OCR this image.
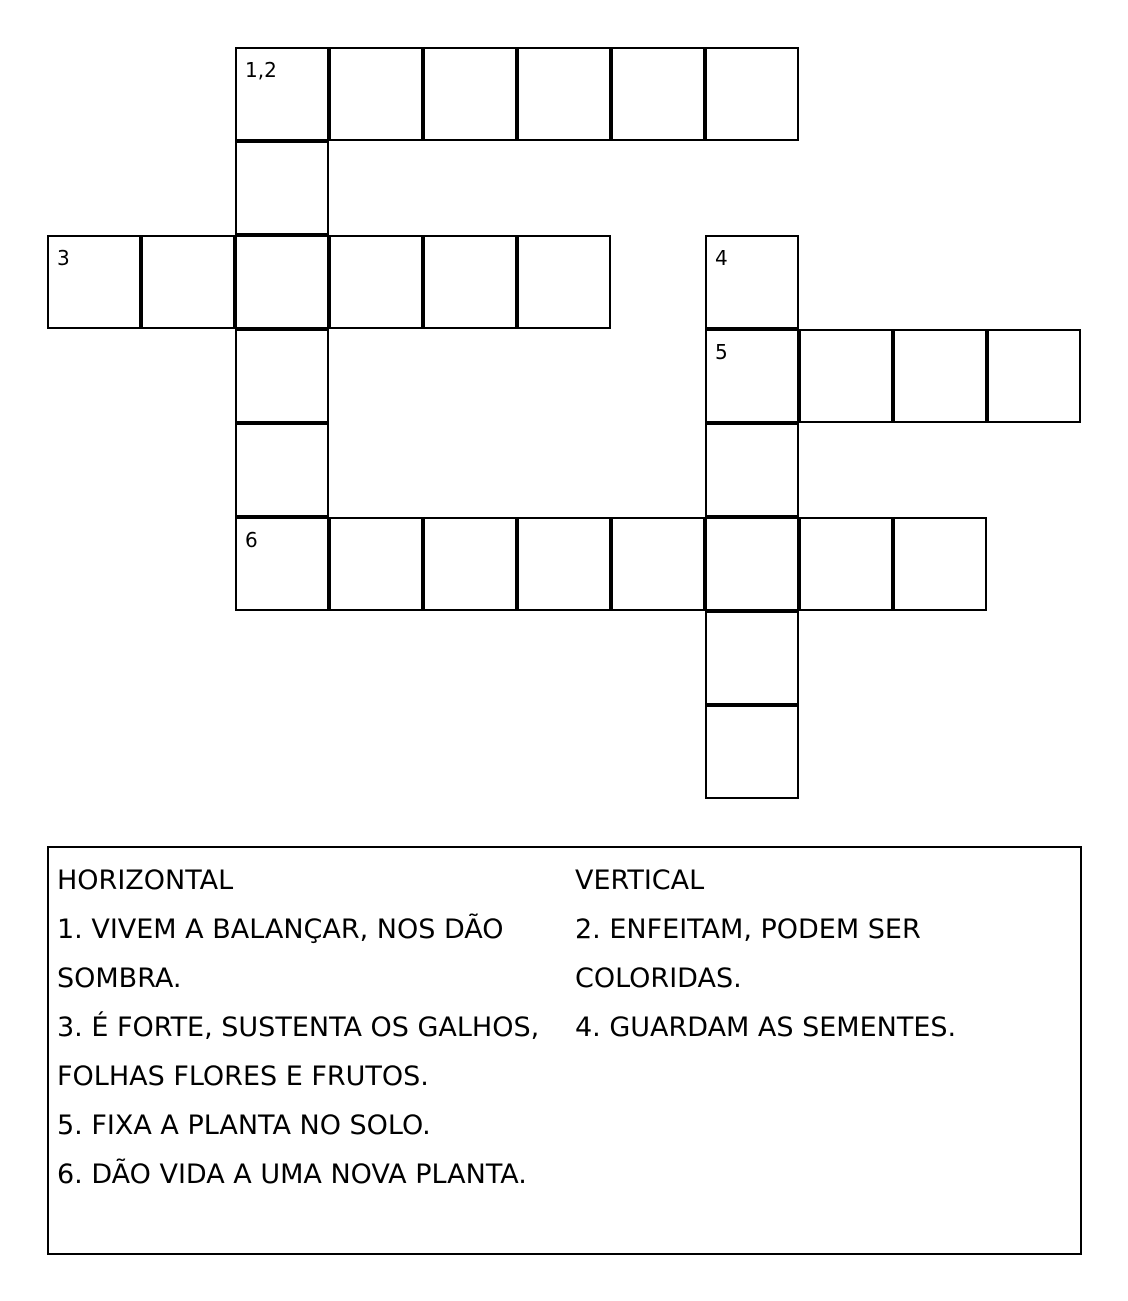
1,2
3	4
5
6
HORIZONTAL
1. VIVEM A BALANÇAR, NOS DÃO
SOMBRA.
3. É FORTE, SUSTENTA OS GALHOS,
FOLHAS FLORES E FRUTOS.
5. FIXA A PLANTA NO SOLO.
6. DÃO VIDA A UMA NOVA PLANTA.
VERTICAL
2. ENFEITAM, PODEM SER
COLORIDAS.
4. GUARDAM AS SEMENTES.
